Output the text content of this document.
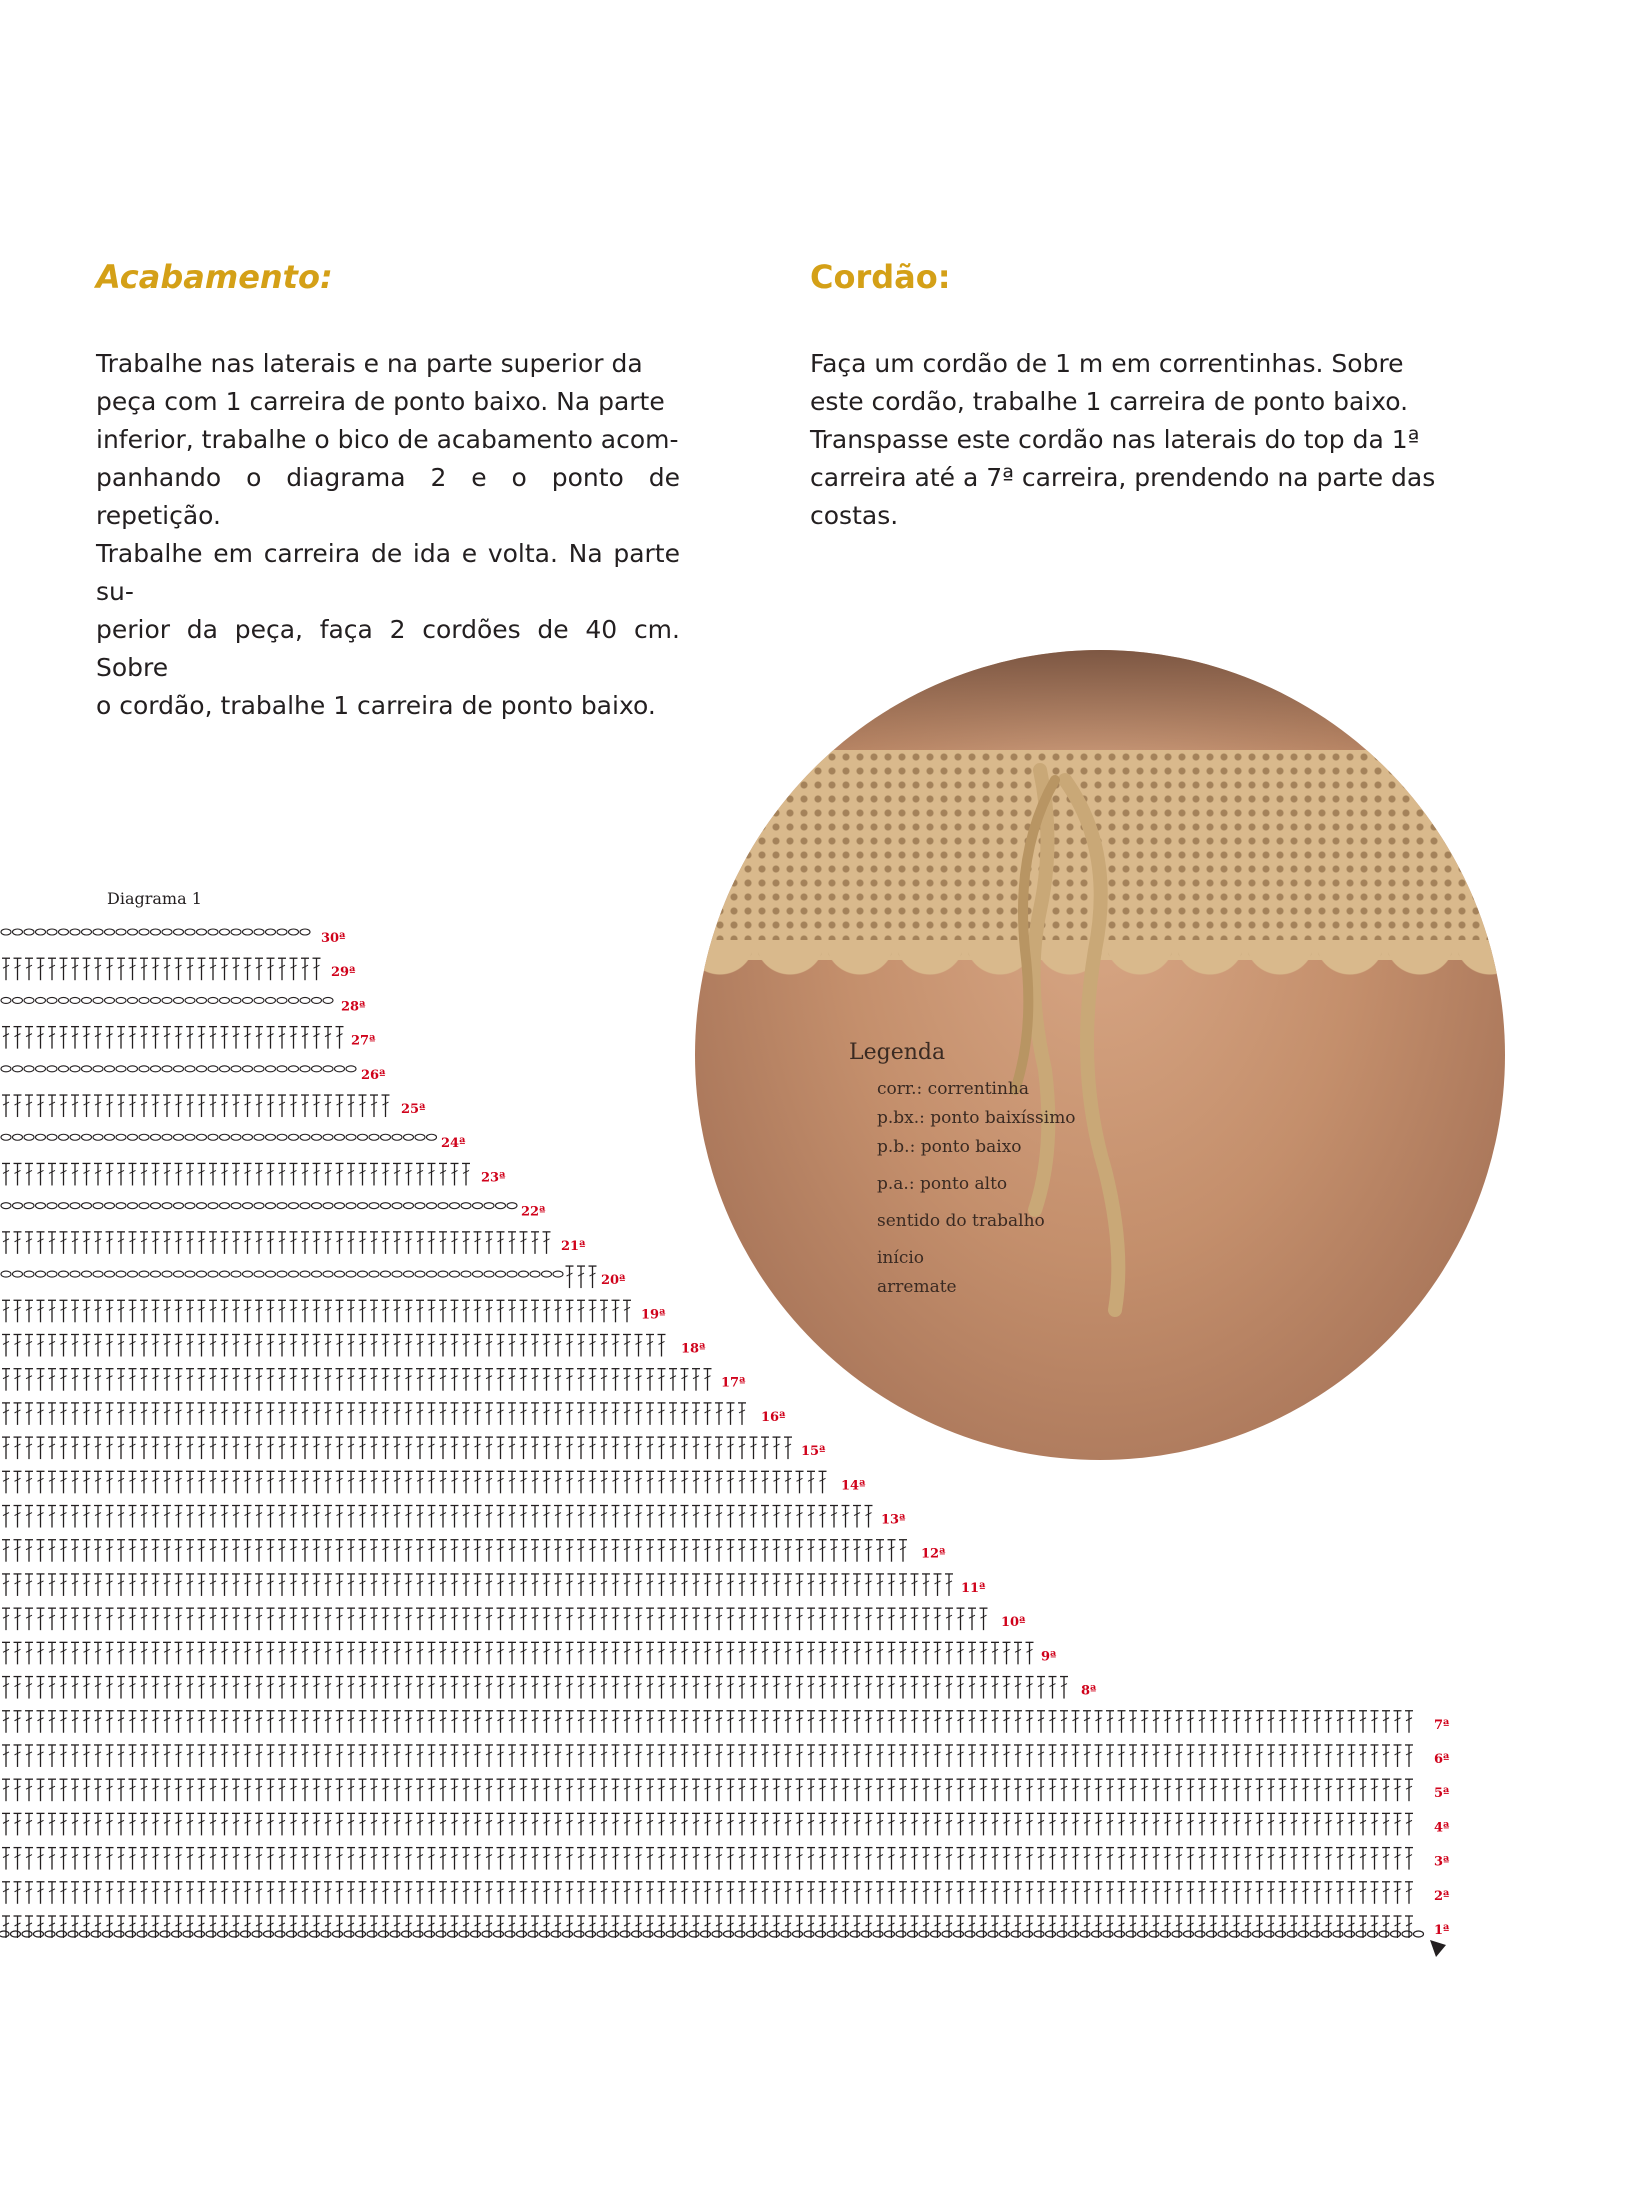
Acabamento:
Trabalhe nas laterais e na parte superior da
peça com 1 carreira de ponto baixo. Na parte
inferior, trabalhe o bico de acabamento acom-
panhando o diagrama 2 e o ponto de repetição.
Trabalhe em carreira de ida e volta. Na parte su-
perior da peça, faça 2 cordões de 40 cm. Sobre
o cordão, trabalhe 1 carreira de ponto baixo.
Cordão:
Faça um cordão de 1 m em correntinhas. Sobre
este cordão, trabalhe 1 carreira de ponto baixo.
Transpasse este cordão nas laterais do top da 1ª
carreira até a 7ª carreira, prendendo na parte das
costas.
Legenda
corr.: correntinha
p.bx.: ponto baixíssimo
p.b.: ponto baixo
p.a.: ponto alto
sentido do trabalho
início
arremate
Diagrama 1
1ª
2ª
3ª
4ª
5ª
6ª
7ª
8ª
9ª
10ª
11ª
12ª
13ª
14ª
15ª
16ª
17ª
18ª
19ª
20ª
21ª
22ª
23ª
24ª
25ª
26ª
27ª
28ª
29ª
30ª
